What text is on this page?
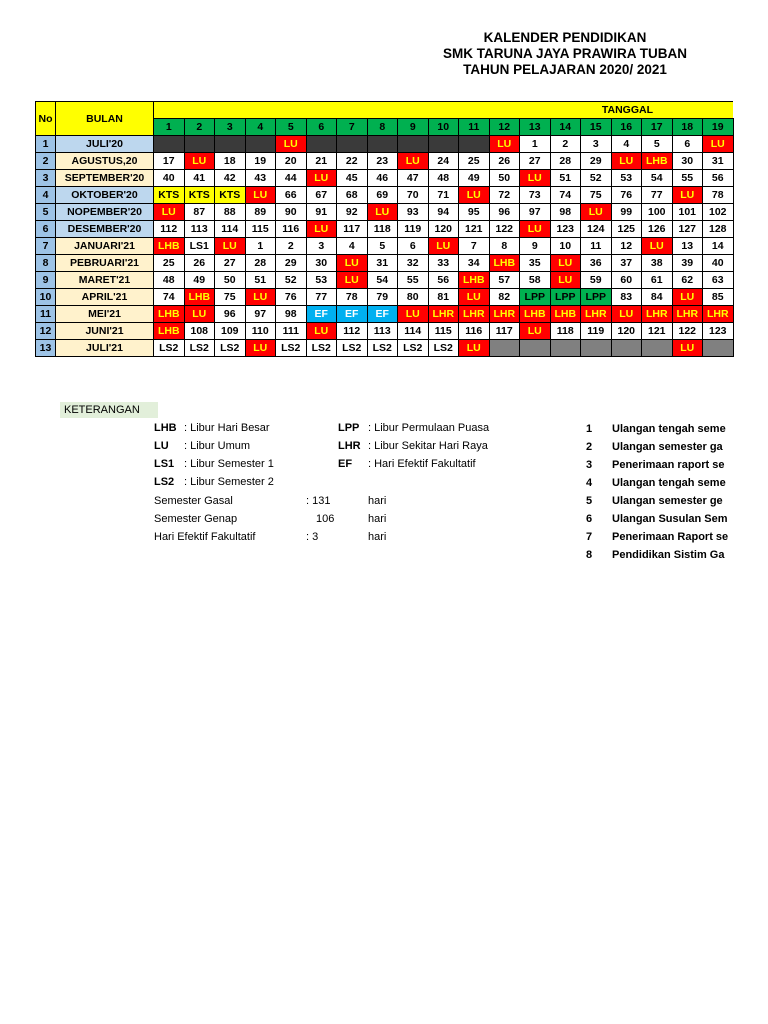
KALENDER PENDIDIKAN
SMK TARUNA JAYA PRAWIRA TUBAN
TAHUN PELAJARAN 2020/ 2021
No	BULAN	TANGGAL																		
		1	2	3	4	5	6	7	8	9	10	11	12	13	14	15	16	17	18	19
1	JULI'20					LU							LU	1	2	3	4	5	6	LU
2	AGUSTUS,20	17	LU	18	19	20	21	22	23	LU	24	25	26	27	28	29	LU	LHB	30	31
3	SEPTEMBER'20	40	41	42	43	44	LU	45	46	47	48	49	50	LU	51	52	53	54	55	56
4	OKTOBER'20	KTS	KTS	KTS	LU	66	67	68	69	70	71	LU	72	73	74	75	76	77	LU	78
5	NOPEMBER'20	LU	87	88	89	90	91	92	LU	93	94	95	96	97	98	LU	99	100	101	102
6	DESEMBER'20	112	113	114	115	116	LU	117	118	119	120	121	122	LU	123	124	125	126	127	128
7	JANUARI'21	LHB	LS1	LU	1	2	3	4	5	6	LU	7	8	9	10	11	12	LU	13	14
8	PEBRUARI'21	25	26	27	28	29	30	LU	31	32	33	34	LHB	35	LU	36	37	38	39	40
9	MARET'21	48	49	50	51	52	53	LU	54	55	56	LHB	57	58	LU	59	60	61	62	63
10	APRIL'21	74	LHB	75	LU	76	77	78	79	80	81	LU	82	LPP	LPP	LPP	83	84	LU	85
11	MEI'21	LHB	LU	96	97	98	EF	EF	EF	LU	LHR	LHR	LHR	LHB	LHB	LHR	LU	LHR	LHR	LHR
12	JUNI'21	LHB	108	109	110	111	LU	112	113	114	115	116	117	LU	118	119	120	121	122	123
13	JULI'21	LS2	LS2	LS2	LU	LS2	LS2	LS2	LS2	LS2	LS2	LU							LU	
KETERANGAN
LHB : Libur Hari Besar
LU : Libur Umum
LS1 : Libur Semester 1
LS2 : Libur Semester 2
LPP : Libur Permulaan Puasa
LHR : Libur Sekitar Hari Raya
EF : Hari Efektif Fakultatif
Semester Gasal	: 131	hari
Semester Genap	106	hari
Hari Efektif Fakultatif	: 3	hari
1 Ulangan tengah seme
2 Ulangan semester ga
3 Penerimaan raport se
4 Ulangan tengah seme
5 Ulangan semester ge
6 Ulangan Susulan Sem
7 Penerimaan Raport se
8 Pendidikan Sistim Ga
